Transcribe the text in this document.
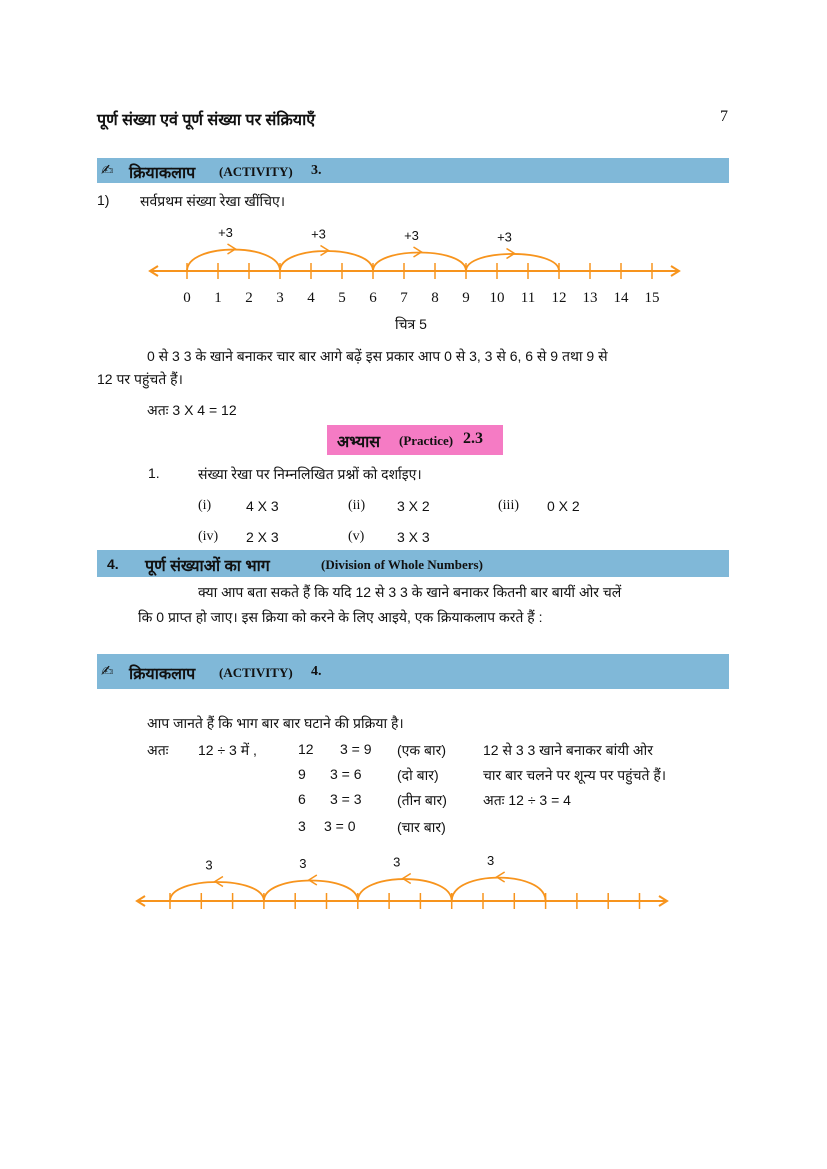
पूर्ण संख्या एवं पूर्ण संख्या पर संक्रियाएँ	7
✍ क्रियाकलाप (ACTIVITY) 3.
1) सर्वप्रथम संख्या रेखा खींचिए।
0 1 2 3 4 5 6 7 8 9 10 11 12 13 14 15
+3	+3	+3	+3
चित्र 5
0 से 3 3 के खाने बनाकर चार बार आगे बढ़ें इस प्रकार आप 0 से 3, 3 से 6, 6 से 9 तथा 9 से
12 पर पहुंचते हैं।
अतः 3 X 4 = 12
अभ्यास (Practice) 2.3
1.	संख्या रेखा पर निम्नलिखित प्रश्नों को दर्शाइए।
(i) 4 X 3	(ii) 3 X 2	(iii) 0 X 2
(iv) 2 X 3	(v) 3 X 3
4. पूर्ण संख्याओं का भाग	(Division of Whole Numbers)
क्या आप बता सकते हैं कि यदि 12 से 3 3 के खाने बनाकर कितनी बार बायीं ओर चलें
कि 0 प्राप्त हो जाए। इस क्रिया को करने के लिए आइये, एक क्रियाकलाप करते हैं :
✍ क्रियाकलाप (ACTIVITY) 4.
आप जानते हैं कि भाग बार बार घटाने की प्रक्रिया है।
अतः 12 ÷ 3 में ,	12 3 = 9 (एक बार)
9 3 = 6	(दो बार)
6 3 = 3	(तीन बार)
3 3 = 0	(चार बार)
12 से 3 3 खाने बनाकर बांयी ओर
चार बार चलने पर शून्य पर पहुंचते हैं।
अतः 12 ÷ 3 = 4
3
3
3
3
